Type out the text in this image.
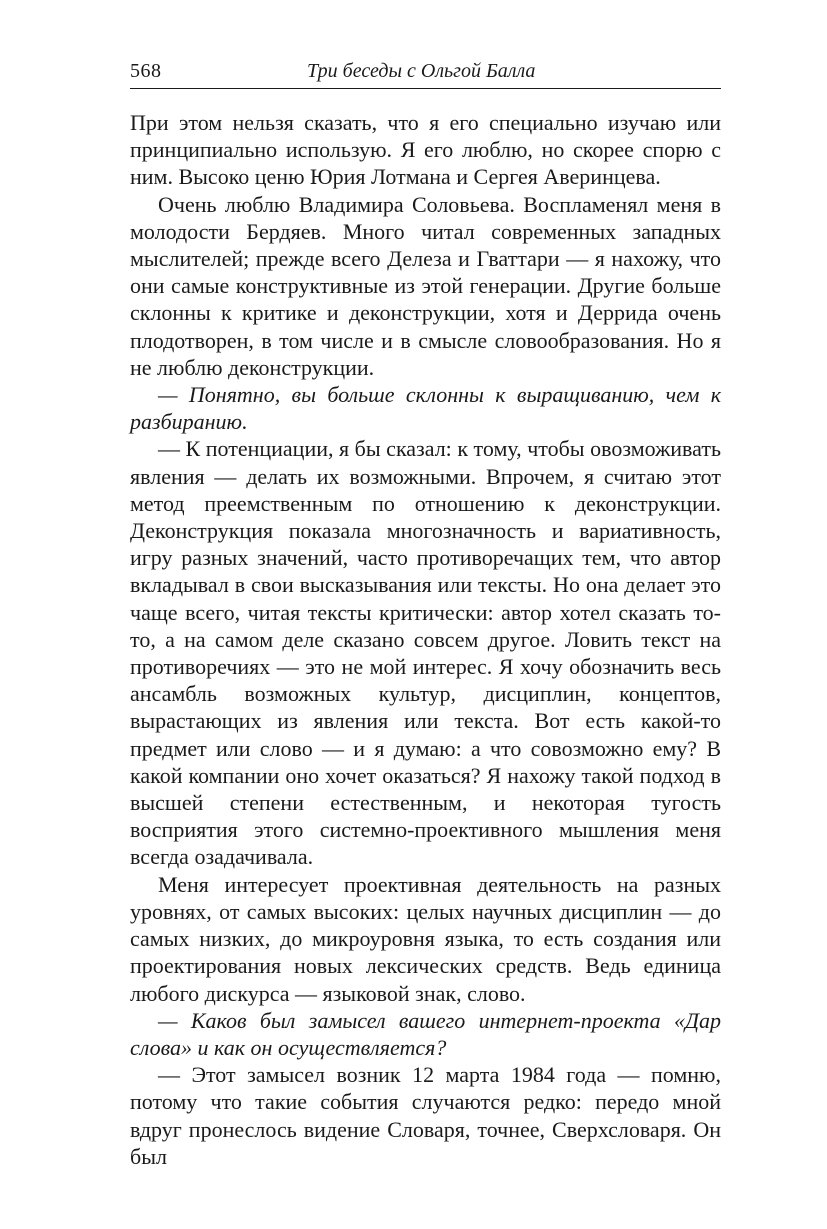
568	Три беседы с Ольгой Балла

При этом нельзя сказать, что я его специально изучаю или принципиально использую. Я его люблю, но скорее спорю с ним. Высоко ценю Юрия Лотмана и Сергея Аверинцева.

Очень люблю Владимира Соловьева. Воспламенял меня в молодости Бердяев. Много читал современных западных мыслителей; прежде всего Делеза и Гваттари — я нахожу, что они самые конструктивные из этой генерации. Другие больше склонны к критике и деконструкции, хотя и Деррида очень плодотворен, в том числе и в смысле словообразования. Но я не люблю деконструкции.

— Понятно, вы больше склонны к выращиванию, чем к разбиранию.

— К потенциации, я бы сказал: к тому, чтобы овозможивать явления — делать их возможными. Впрочем, я считаю этот метод преемственным по отношению к деконструкции. Деконструкция показала многозначность и вариативность, игру разных значений, часто противоречащих тем, что автор вкладывал в свои высказывания или тексты. Но она делает это чаще всего, читая тексты критически: автор хотел сказать то-то, а на самом деле сказано совсем другое. Ловить текст на противоречиях — это не мой интерес. Я хочу обозначить весь ансамбль возможных культур, дисциплин, концептов, вырастающих из явления или текста. Вот есть какой-то предмет или слово — и я думаю: а что совозможно ему? В какой компании оно хочет оказаться? Я нахожу такой подход в высшей степени естественным, и некоторая тугость восприятия этого системно-проективного мышления меня всегда озадачивала.

Меня интересует проективная деятельность на разных уровнях, от самых высоких: целых научных дисциплин — до самых низких, до микроуровня языка, то есть создания или проектирования новых лексических средств. Ведь единица любого дискурса — языковой знак, слово.

— Каков был замысел вашего интернет-проекта «Дар слова» и как он осуществляется?

— Этот замысел возник 12 марта 1984 года — помню, потому что такие события случаются редко: передо мной вдруг пронеслось видение Словаря, точнее, Сверхсловаря. Он был
